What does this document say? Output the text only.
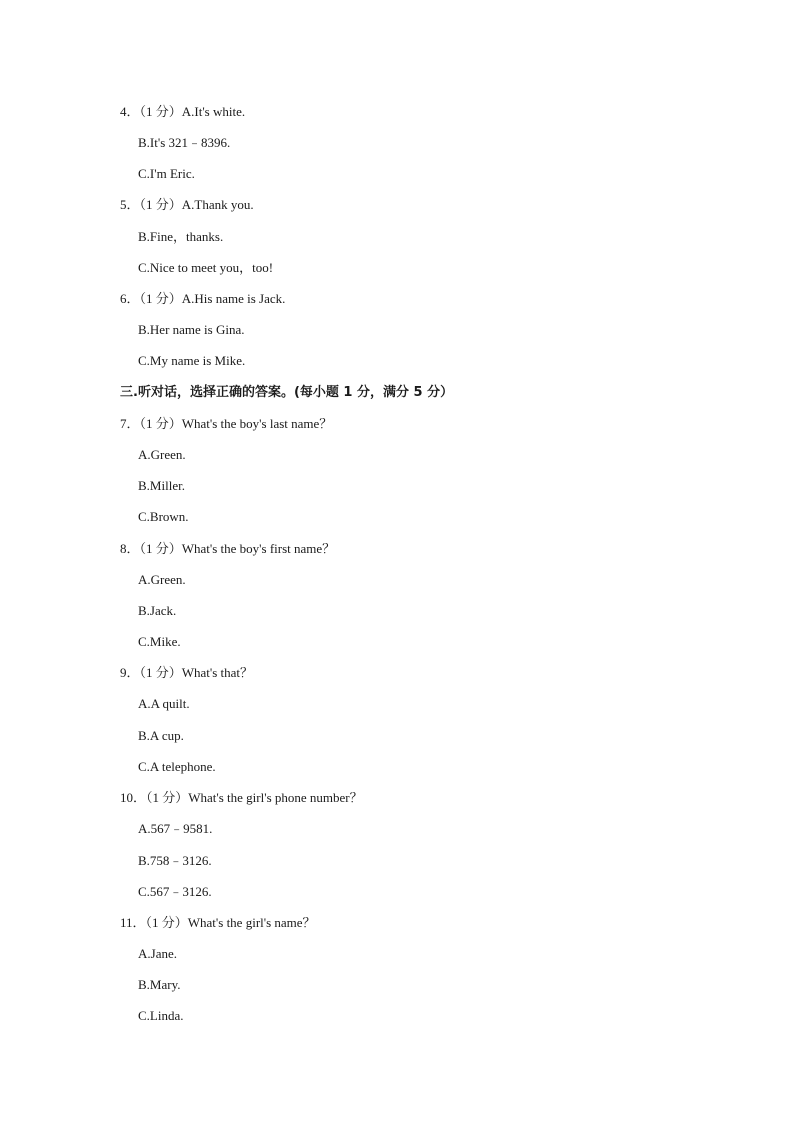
4．（1 分）A.It's white.
B.It's 321﹣8396.
C.I'm Eric.
5．（1 分）A.Thank you.
B.Fine，thanks.
C.Nice to meet you，too!
6．（1 分）A.His name is Jack.
B.Her name is Gina.
C.My name is Mike.
三.听对话，选择正确的答案。(每小题 1 分，满分 5 分）
7．（1 分）What's the boy's last name？
A.Green.
B.Miller.
C.Brown.
8．（1 分）What's the boy's first name？
A.Green.
B.Jack.
C.Mike.
9．（1 分）What's that？
A.A quilt.
B.A cup.
C.A telephone.
10．（1 分）What's the girl's phone number？
A.567﹣9581.
B.758﹣3126.
C.567﹣3126.
11．（1 分）What's the girl's name？
A.Jane.
B.Mary.
C.Linda.
